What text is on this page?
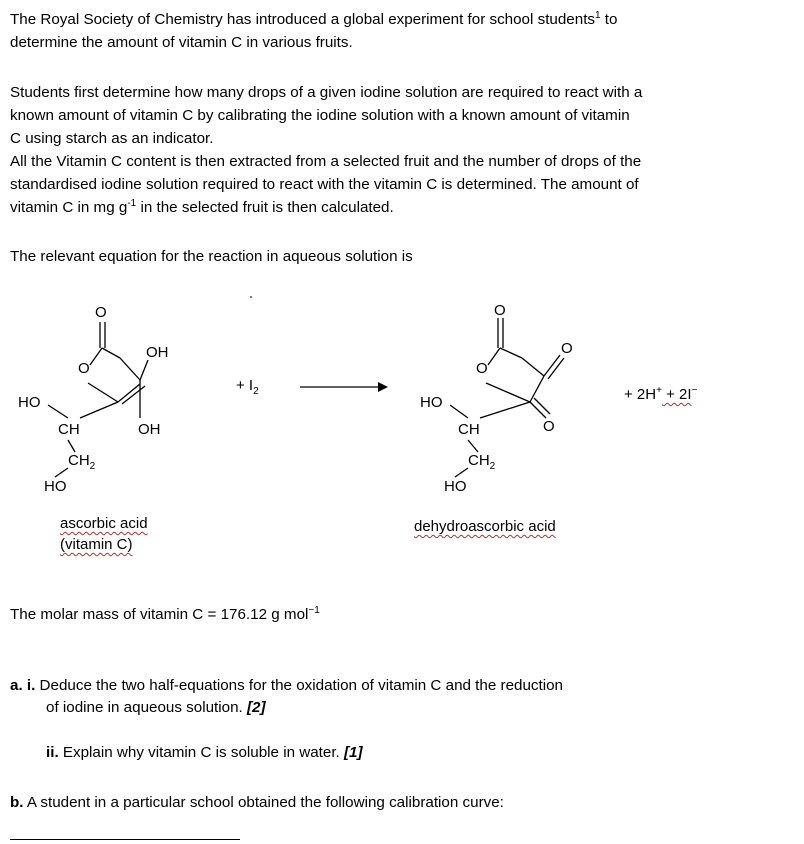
The Royal Society of Chemistry has introduced a global experiment for school students$^1$ to

determine the amount of vitamin C in various fruits.

Students first determine how many drops of a given iodine solution are required to react with a

known amount of vitamin C by calibrating the iodine solution with a known amount of vitamin

C using starch as an indicator.

All the Vitamin C content is then extracted from a selected fruit and the number of drops of the

standardised iodine solution required to react with the vitamin C is determined. The amount of

vitamin C in mg $g^{-1}$ in the selected fruit is then calculated.

The relevant equation for the reaction in aqueous solution is

O
O
OH
OH
HO
CH
$CH_2$
HO
ascorbic acid
(vitamin C)
+ $I_2$
O
O
O
O
HO
CH
$CH_2$
HO
dehydroascorbic acid
+ 2H+ + 2I−

The molar mass of vitamin C = 176.12 g mol$^{-1}$

a. i. Deduce the two half-equations for the oxidation of vitamin C and the reduction
of iodine in aqueous solution. [2]
ii. Explain why vitamin C is soluble in water. [1]
b. A student in a particular school obtained the following calibration curve:
